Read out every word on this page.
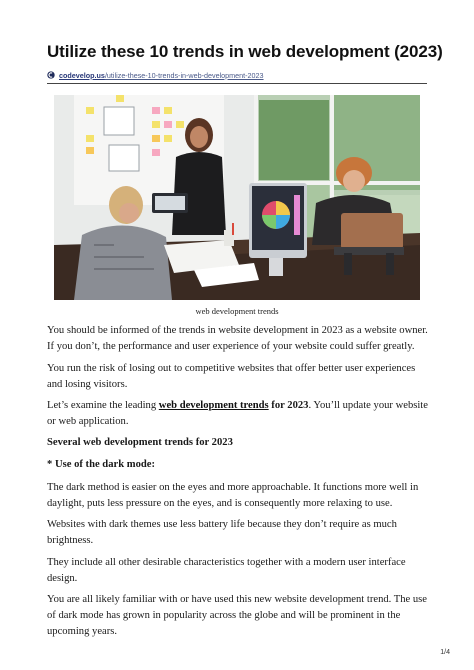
Utilize these 10 trends in web development (2023)
codevelop.us/utilize-these-10-trends-in-web-development-2023
web development trends
You should be informed of the trends in website development in 2023 as a website owner. If you don’t, the performance and user experience of your website could suffer greatly.
You run the risk of losing out to competitive websites that offer better user experiences and losing visitors.
Let’s examine the leading web development trends for 2023. You’ll update your website or web application.
Several web development trends for 2023
* Use of the dark mode:
The dark method is easier on the eyes and more approachable. It functions more well in daylight, puts less pressure on the eyes, and is consequently more relaxing to use.
Websites with dark themes use less battery life because they don’t require as much brightness.
They include all other desirable characteristics together with a modern user interface design.
You are all likely familiar with or have used this new website development trend. The use of dark mode has grown in popularity across the globe and will be prominent in the upcoming years.
1/4
